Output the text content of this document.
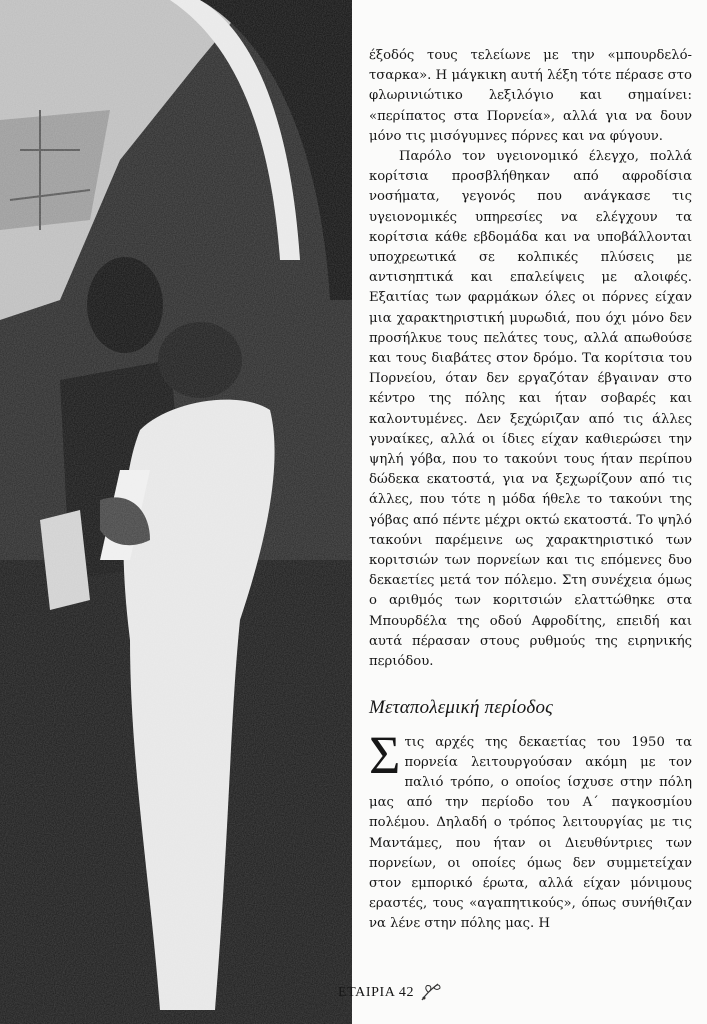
έξοδός τους τελείωνε με την «μπουρδελό-τσαρκα». Η μάγκικη αυτή λέξη τότε πέρασε στο φλωρινιώτικο λεξιλόγιο και σημαίνει: «περίπατος στα Πορνεία», αλλά για να δουν μόνο τις μισόγυμνες πόρνες και να φύγουν.

Παρόλο τον υγειονομικό έλεγχο, πολλά κορίτσια προσβλήθηκαν από αφροδίσια νοσήματα, γεγονός που ανάγκασε τις υγειονομικές υπηρεσίες να ελέγχουν τα κορίτσια κάθε εβδομάδα και να υποβάλλονται υποχρεωτικά σε κολπικές πλύσεις με αντισηπτικά και επαλείψεις με αλοιφές. Εξαιτίας των φαρμάκων όλες οι πόρνες είχαν μια χαρακτηριστική μυρωδιά, που όχι μόνο δεν προσήλκυε τους πελάτες τους, αλλά απωθούσε και τους διαβάτες στον δρόμο. Τα κορίτσια του Πορνείου, όταν δεν εργαζόταν έβγαιναν στο κέντρο της πόλης και ήταν σοβαρές και καλοντυμένες. Δεν ξεχώριζαν από τις άλλες γυναίκες, αλλά οι ίδιες είχαν καθιερώσει την ψηλή γόβα, που το τακούνι τους ήταν περίπου δώδεκα εκατοστά, για να ξεχωρίζουν από τις άλλες, που τότε η μόδα ήθελε το τακούνι της γόβας από πέντε μέχρι οκτώ εκατοστά. Το ψηλό τακούνι παρέμεινε ως χαρακτηριστικό των κοριτσιών των πορνείων και τις επόμενες δυο δεκαετίες μετά τον πόλεμο. Στη συνέχεια όμως ο αριθμός των κοριτσιών ελαττώθηκε στα Μπουρδέλα της οδού Αφροδίτης, επειδή και αυτά πέρασαν στους ρυθμούς της ειρηνικής περιόδου.

Μεταπολεμική περίοδος
Σ τις αρχές της δεκαετίας του 1950 τα πορνεία λειτουργούσαν ακόμη με τον παλιό τρόπο, ο οποίος ίσχυσε στην πόλη μας από την περίοδο του Α΄ παγκοσμίου πολέμου. Δηλαδή ο τρόπος λειτουργίας με τις Μαντάμες, που ήταν οι Διευθύντριες των πορνείων, οι οποίες όμως δεν συμμετείχαν στον εμπορικό έρωτα, αλλά είχαν μόνιμους εραστές, τους «αγαπητικούς», όπως συνήθιζαν να λένε στην πόλης μας. Η
ΕΤΑΙΡΙΑ 42
